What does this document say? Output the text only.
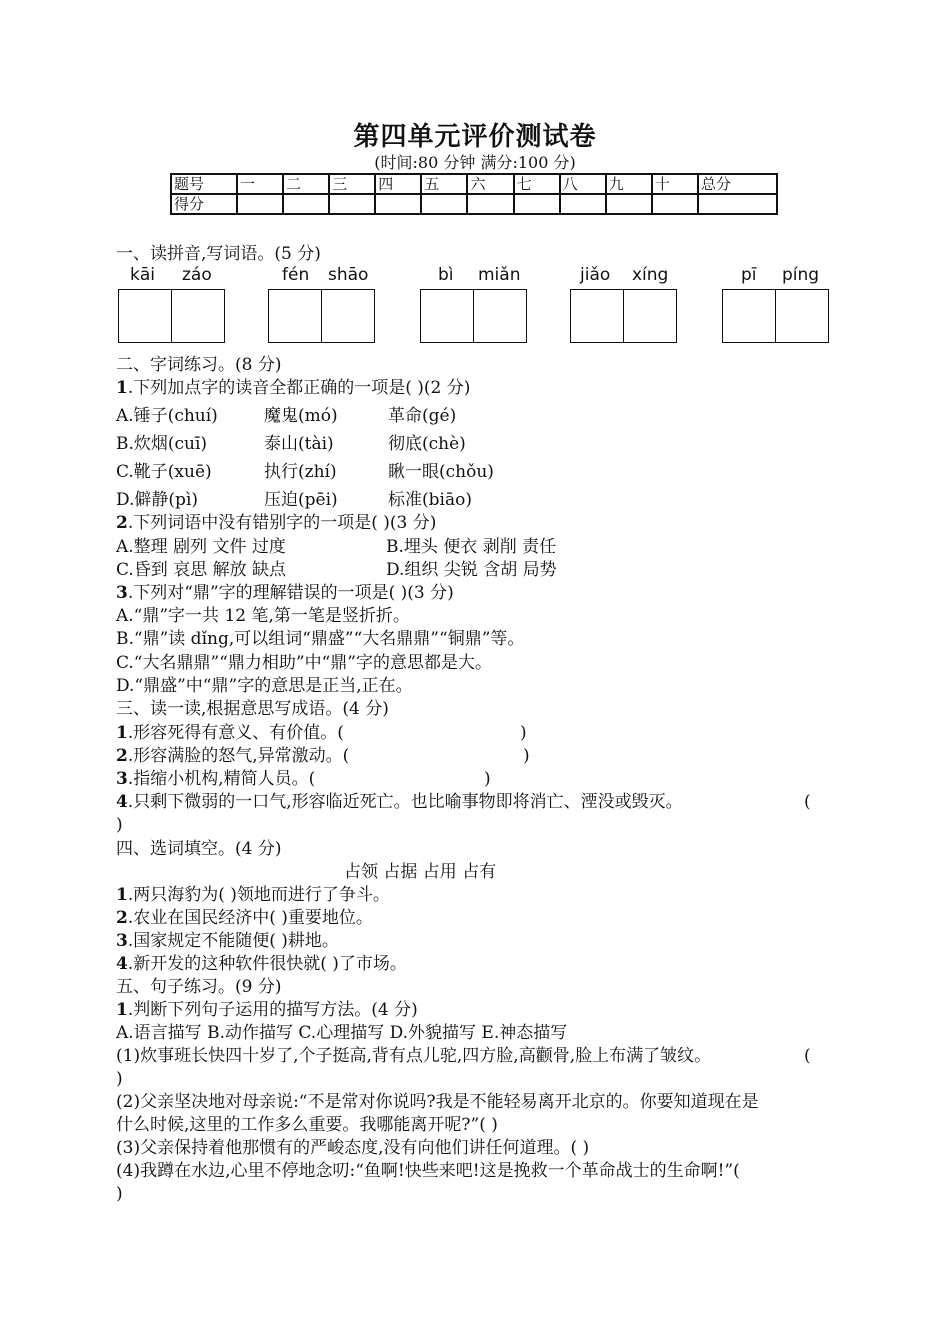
第四单元评价测试卷
(时间:80 分钟 满分:100 分)
题号	一	二	三	四	五	六	七	八	九	十	总分
得分											
一、读拼音,写词语。(5 分)
kāi záo	fén shāo	bì miǎn	jiǎo xíng	pī píng
二、字词练习。(8 分)
1.下列加点字的读音全都正确的一项是( )(2 分)
A.锤子(chuí)	魔鬼(mó)	革命(gé)
B.炊烟(cuī)	泰山(tài)	彻底(chè)
C.靴子(xuē)	执行(zhí)	瞅一眼(chǒu)
D.僻静(pì)	压迫(pēi)	标准(biāo)
2.下列词语中没有错别字的一项是( )(3 分)
A.整理 剧列 文件 过度	B.埋头 便衣 剥削 责任
C.昏到 哀思 解放 缺点	D.组织 尖锐 含胡 局势
3.下列对“鼎”字的理解错误的一项是( )(3 分)
A.“鼎”字一共 12 笔,第一笔是竖折折。
B.“鼎”读 dǐng,可以组词“鼎盛”“大名鼎鼎”“铜鼎”等。
C.“大名鼎鼎”“鼎力相助”中“鼎”字的意思都是大。
D.“鼎盛”中“鼎”字的意思是正当,正在。
三、读一读,根据意思写成语。(4 分)
1.形容死得有意义、有价值。(	)
2.形容满脸的怒气,异常激动。(	)
3.指缩小机构,精简人员。(	)
4.只剩下微弱的一口气,形容临近死亡。也比喻事物即将消亡、湮没或毁灭。	(
)
四、选词填空。(4 分)
占领 占据 占用 占有
1.两只海豹为( )领地而进行了争斗。
2.农业在国民经济中( )重要地位。
3.国家规定不能随便( )耕地。
4.新开发的这种软件很快就( )了市场。
五、句子练习。(9 分)
1.判断下列句子运用的描写方法。(4 分)
A.语言描写 B.动作描写 C.心理描写 D.外貌描写 E.神态描写
(1)炊事班长快四十岁了,个子挺高,背有点儿驼,四方脸,高颧骨,脸上布满了皱纹。	(
)
(2)父亲坚决地对母亲说:“不是常对你说吗?我是不能轻易离开北京的。你要知道现在是
什么时候,这里的工作多么重要。我哪能离开呢?”( )
(3)父亲保持着他那惯有的严峻态度,没有向他们讲任何道理。( )
(4)我蹲在水边,心里不停地念叨:“鱼啊!快些来吧!这是挽救一个革命战士的生命啊!”(
)
